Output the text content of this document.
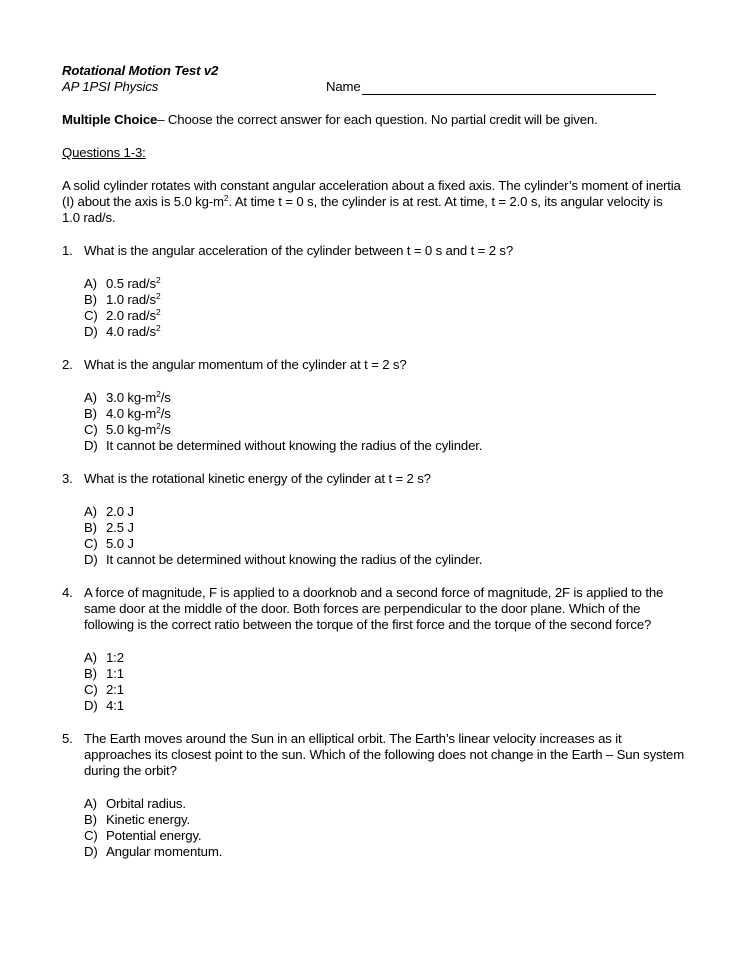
Rotational Motion Test v2
AP 1PSI Physics	Name
Multiple Choice– Choose the correct answer for each question. No partial credit will be given.
Questions 1-3:
A solid cylinder rotates with constant angular acceleration about a fixed axis. The cylinder’s moment of inertia (I) about the axis is 5.0 $kg-m^2$. At time t = 0 s, the cylinder is at rest. At time, t = 2.0 s, its angular velocity is 1.0 rad/s.
1. What is the angular acceleration of the cylinder between t = 0 s and t = 2 s?
A) 0.5 rad/$s^2$
B) 1.0 rad/$s^2$
C) 2.0 rad/$s^2$
D) 4.0 rad/$s^2$
2. What is the angular momentum of the cylinder at t = 2 s?
A) 3.0 $kg-m^2/s$
B) 4.0 $kg-m^2/s$
C) 5.0 $kg-m^2/s$
D) It cannot be determined without knowing the radius of the cylinder.
3. What is the rotational kinetic energy of the cylinder at t = 2 s?
A) 2.0 J
B) 2.5 J
C) 5.0 J
D) It cannot be determined without knowing the radius of the cylinder.
4. A force of magnitude, F is applied to a doorknob and a second force of magnitude, 2F is applied to the same door at the middle of the door. Both forces are perpendicular to the door plane. Which of the following is the correct ratio between the torque of the first force and the torque of the second force?
A) 1:2
B) 1:1
C) 2:1
D) 4:1
5. The Earth moves around the Sun in an elliptical orbit. The Earth’s linear velocity increases as it approaches its closest point to the sun. Which of the following does not change in the Earth – Sun system during the orbit?
A) Orbital radius.
B) Kinetic energy.
C) Potential energy.
D) Angular momentum.
